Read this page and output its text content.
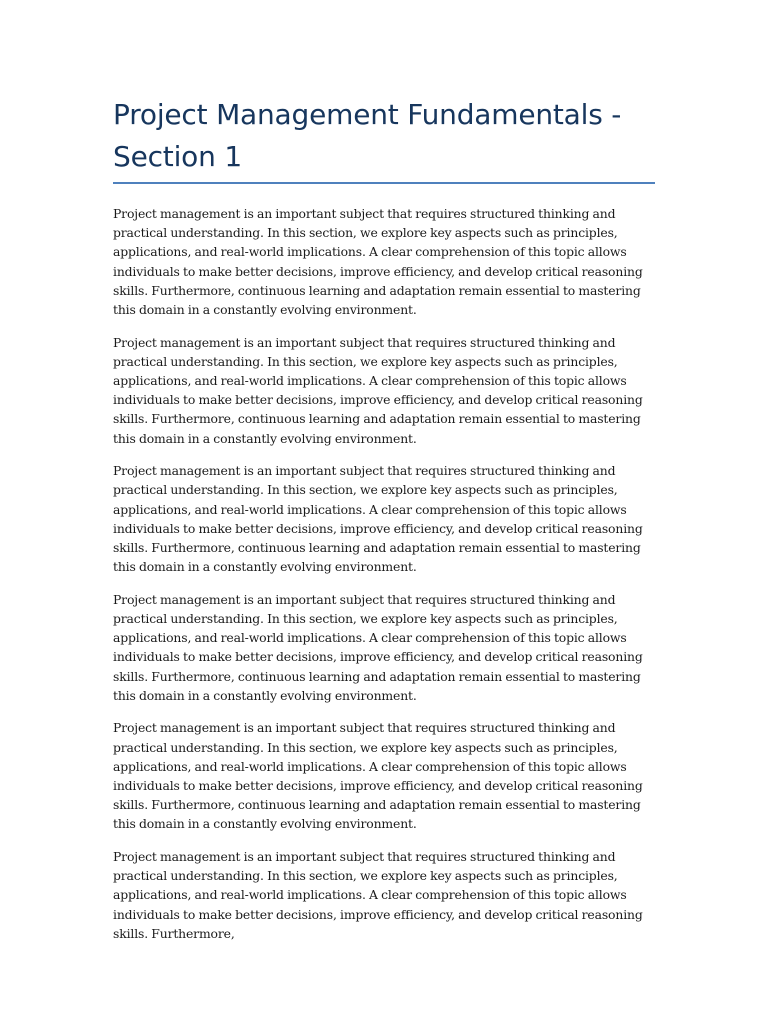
Project Management Fundamentals - Section 1

Project management is an important subject that requires structured thinking and practical understanding. In this section, we explore key aspects such as principles, applications, and real-world implications. A clear comprehension of this topic allows individuals to make better decisions, improve efficiency, and develop critical reasoning skills. Furthermore, continuous learning and adaptation remain essential to mastering this domain in a constantly evolving environment.

Project management is an important subject that requires structured thinking and practical understanding. In this section, we explore key aspects such as principles, applications, and real-world implications. A clear comprehension of this topic allows individuals to make better decisions, improve efficiency, and develop critical reasoning skills. Furthermore, continuous learning and adaptation remain essential to mastering this domain in a constantly evolving environment.

Project management is an important subject that requires structured thinking and practical understanding. In this section, we explore key aspects such as principles, applications, and real-world implications. A clear comprehension of this topic allows individuals to make better decisions, improve efficiency, and develop critical reasoning skills. Furthermore, continuous learning and adaptation remain essential to mastering this domain in a constantly evolving environment.

Project management is an important subject that requires structured thinking and practical understanding. In this section, we explore key aspects such as principles, applications, and real-world implications. A clear comprehension of this topic allows individuals to make better decisions, improve efficiency, and develop critical reasoning skills. Furthermore, continuous learning and adaptation remain essential to mastering this domain in a constantly evolving environment.

Project management is an important subject that requires structured thinking and practical understanding. In this section, we explore key aspects such as principles, applications, and real-world implications. A clear comprehension of this topic allows individuals to make better decisions, improve efficiency, and develop critical reasoning skills. Furthermore, continuous learning and adaptation remain essential to mastering this domain in a constantly evolving environment.

Project management is an important subject that requires structured thinking and practical understanding. In this section, we explore key aspects such as principles, applications, and real-world implications. A clear comprehension of this topic allows individuals to make better decisions, improve efficiency, and develop critical reasoning skills. Furthermore,
